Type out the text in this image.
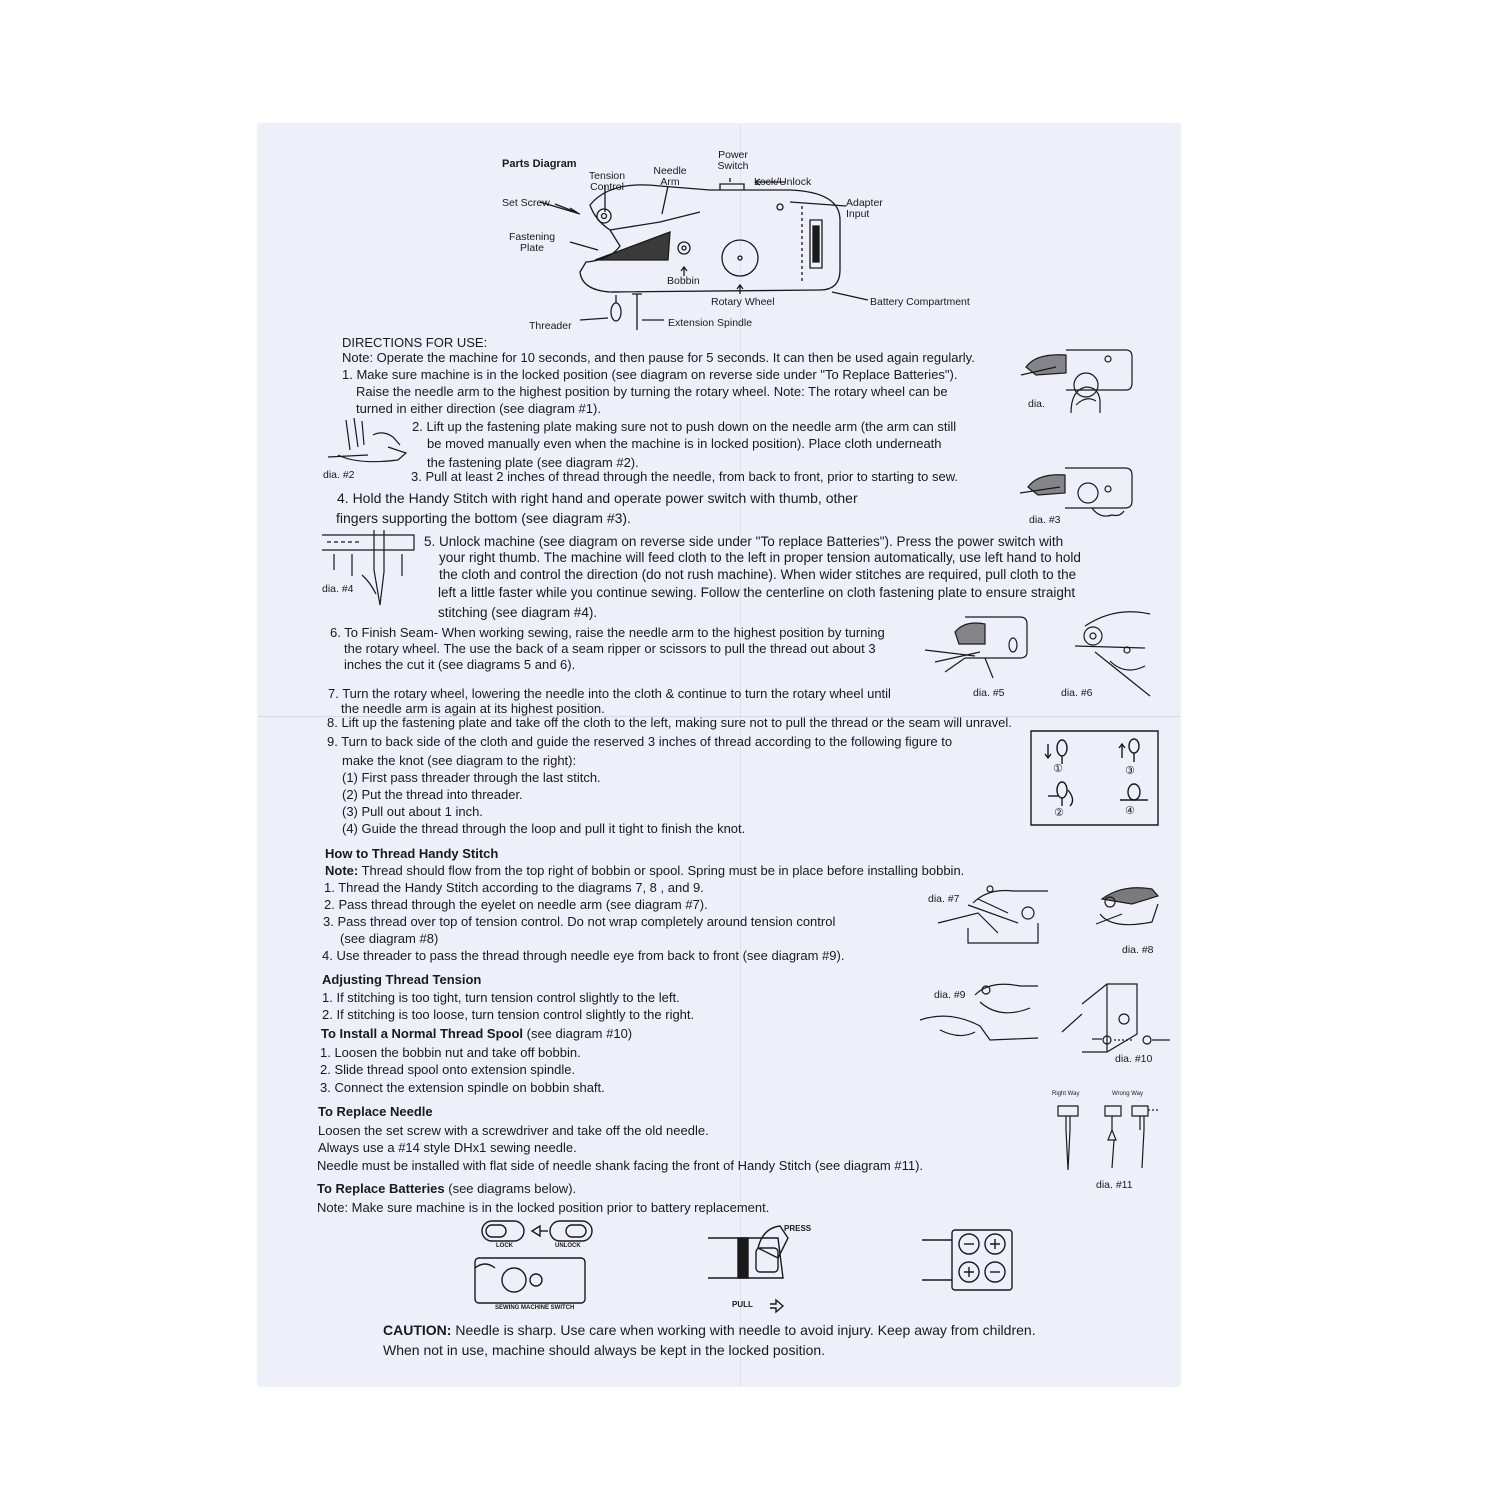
Parts Diagram
Tension Control
Needle Arm
Power Switch
Lock/Unlock
Set Screw	Adapter Input
Fastening Plate
Bobbin
Rotary Wheel	Battery Compartment
Threader	Extension Spindle
DIRECTIONS FOR USE:
Note: Operate the machine for 10 seconds, and then pause for 5 seconds. It can then be used again regularly.
1. Make sure machine is in the locked position (see diagram on reverse side under "To Replace Batteries").
Raise the needle arm to the highest position by turning the rotary wheel. Note: The rotary wheel can be
turned in either direction (see diagram #1).
2. Lift up the fastening plate making sure not to push down on the needle arm (the arm can still
be moved manually even when the machine is in locked position). Place cloth underneath
the fastening plate (see diagram #2).
3. Pull at least 2 inches of thread through the needle, from back to front, prior to starting to sew.
4. Hold the Handy Stitch with right hand and operate power switch with thumb, other
fingers supporting the bottom (see diagram #3).
5. Unlock machine (see diagram on reverse side under "To replace Batteries"). Press the power switch with
your right thumb. The machine will feed cloth to the left in proper tension automatically, use left hand to hold
the cloth and control the direction (do not rush machine). When wider stitches are required, pull cloth to the
left a little faster while you continue sewing. Follow the centerline on cloth fastening plate to ensure straight
stitching (see diagram #4).
6. To Finish Seam- When working sewing, raise the needle arm to the highest position by turning
the rotary wheel. The use the back of a seam ripper or scissors to pull the thread out about 3
inches the cut it (see diagrams 5 and 6).
7. Turn the rotary wheel, lowering the needle into the cloth & continue to turn the rotary wheel until
the needle arm is again at its highest position.
8. Lift up the fastening plate and take off the cloth to the left, making sure not to pull the thread or the seam will unravel.
9. Turn to back side of the cloth and guide the reserved 3 inches of thread according to the following figure to
make the knot (see diagram to the right):
(1) First pass threader through the last stitch.
(2) Put the thread into threader.
(3) Pull out about 1 inch.
(4) Guide the thread through the loop and pull it tight to finish the knot.
dia.
dia. #2
dia. #3
dia. #4
dia. #5	dia. #6
①	③
②	④
How to Thread Handy Stitch
Note: Thread should flow from the top right of bobbin or spool. Spring must be in place before installing bobbin.
1. Thread the Handy Stitch according to the diagrams 7, 8 , and 9.
2. Pass thread through the eyelet on needle arm (see diagram #7).
3. Pass thread over top of tension control. Do not wrap completely around tension control
(see diagram #8)
4. Use threader to pass the thread through needle eye from back to front (see diagram #9).
dia. #7
dia. #8
Adjusting Thread Tension
1. If stitching is too tight, turn tension control slightly to the left.
2. If stitching is too loose, turn tension control slightly to the right.
dia. #9
dia. #10
To Install a Normal Thread Spool (see diagram #10)
1. Loosen the bobbin nut and take off bobbin.
2. Slide thread spool onto extension spindle.
3. Connect the extension spindle on bobbin shaft.
To Replace Needle
Loosen the set screw with a screwdriver and take off the old needle.
Always use a #14 style DHx1 sewing needle.
Needle must be installed with flat side of needle shank facing the front of Handy Stitch (see diagram #11).
Right Way	Wrong Way
dia. #11
To Replace Batteries (see diagrams below).
Note: Make sure machine is in the locked position prior to battery replacement.
LOCK	UNLOCK
SEWING MACHINE SWITCH
PRESS
PULL
CAUTION: Needle is sharp. Use care when working with needle to avoid injury. Keep away from children.
When not in use, machine should always be kept in the locked position.
